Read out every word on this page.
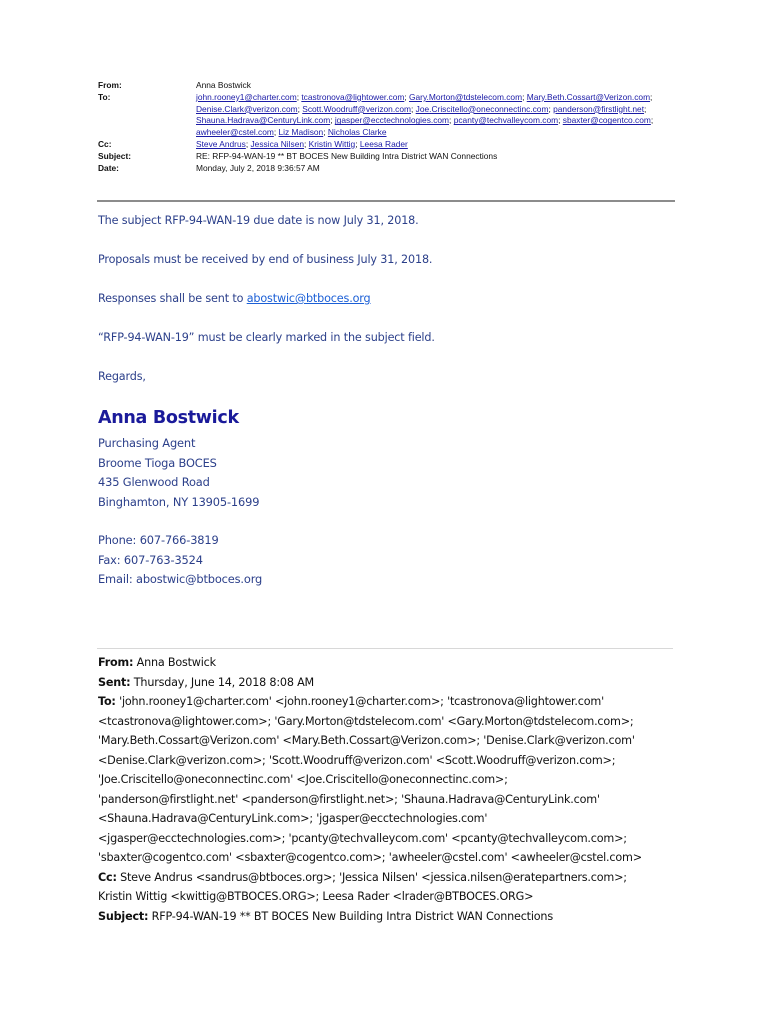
From:	Anna Bostwick
To:	john.rooney1@charter.com; tcastronova@lightower.com; Gary.Morton@tdstelecom.com; Mary.Beth.Cossart@Verizon.com; Denise.Clark@verizon.com; Scott.Woodruff@verizon.com; Joe.Criscitello@oneconnectinc.com; panderson@firstlight.net; Shauna.Hadrava@CenturyLink.com; jgasper@ecctechnologies.com; pcanty@techvalleycom.com; sbaxter@cogentco.com; awheeler@cstel.com; Liz Madison; Nicholas Clarke
Cc:	Steve Andrus; Jessica Nilsen; Kristin Wittig; Leesa Rader
Subject:	RE: RFP-94-WAN-19 ** BT BOCES New Building Intra District WAN Connections
Date:	Monday, July 2, 2018 9:36:57 AM

The subject RFP-94-WAN-19 due date is now July 31, 2018.

Proposals must be received by end of business July 31, 2018.

Responses shall be sent to abostwic@btboces.org

“RFP-94-WAN-19” must be clearly marked in the subject field.

Regards,

Anna Bostwick
Purchasing Agent
Broome Tioga BOCES
435 Glenwood Road
Binghamton, NY 13905-1699
Phone: 607-766-3819
Fax: 607-763-3524
Email: abostwic@btboces.org
From: Anna Bostwick
Sent: Thursday, June 14, 2018 8:08 AM
To: 'john.rooney1@charter.com' <john.rooney1@charter.com>; 'tcastronova@lightower.com'
<tcastronova@lightower.com>; 'Gary.Morton@tdstelecom.com' <Gary.Morton@tdstelecom.com>;
'Mary.Beth.Cossart@Verizon.com' <Mary.Beth.Cossart@Verizon.com>; 'Denise.Clark@verizon.com'
<Denise.Clark@verizon.com>; 'Scott.Woodruff@verizon.com' <Scott.Woodruff@verizon.com>;
'Joe.Criscitello@oneconnectinc.com' <Joe.Criscitello@oneconnectinc.com>;
'panderson@firstlight.net' <panderson@firstlight.net>; 'Shauna.Hadrava@CenturyLink.com'
<Shauna.Hadrava@CenturyLink.com>; 'jgasper@ecctechnologies.com'
<jgasper@ecctechnologies.com>; 'pcanty@techvalleycom.com' <pcanty@techvalleycom.com>;
'sbaxter@cogentco.com' <sbaxter@cogentco.com>; 'awheeler@cstel.com' <awheeler@cstel.com>
Cc: Steve Andrus <sandrus@btboces.org>; 'Jessica Nilsen' <jessica.nilsen@eratepartners.com>;
Kristin Wittig <kwittig@BTBOCES.ORG>; Leesa Rader <lrader@BTBOCES.ORG>
Subject: RFP-94-WAN-19 ** BT BOCES New Building Intra District WAN Connections
